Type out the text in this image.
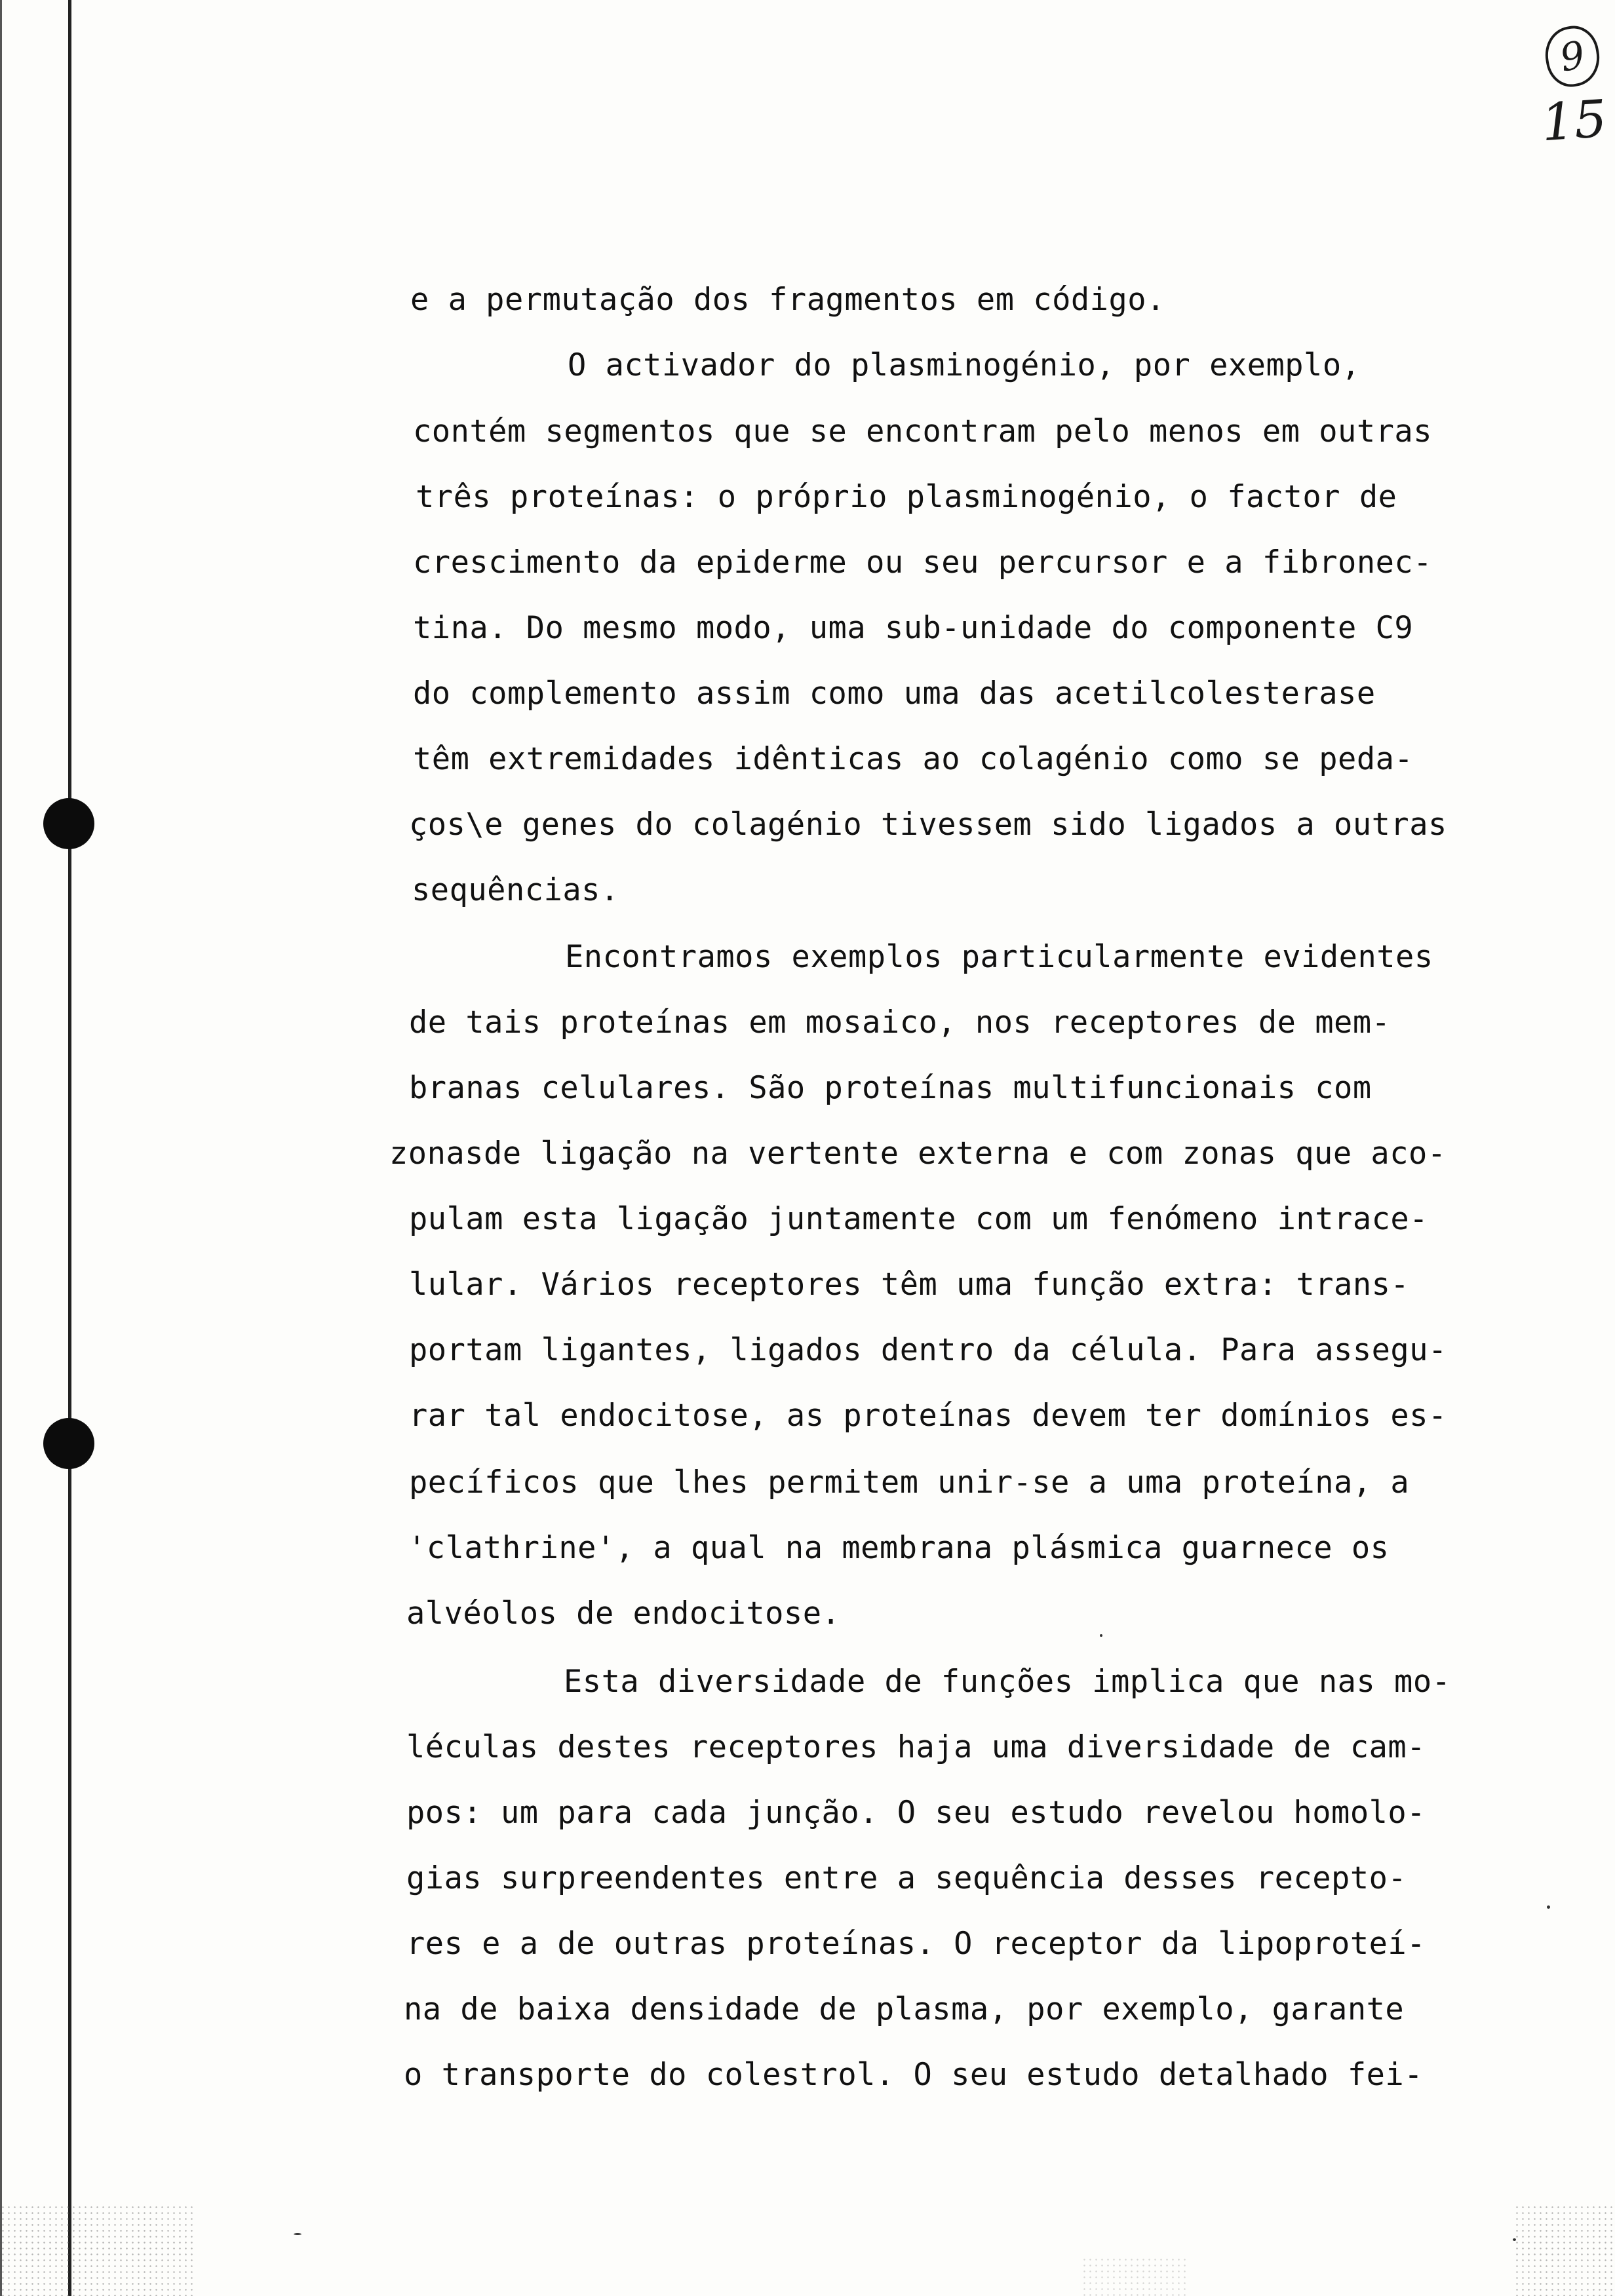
9
15
e a permutação dos fragmentos em código.
O activador do plasminogénio, por exemplo,
contém segmentos que se encontram pelo menos em outras
três proteínas: o próprio plasminogénio, o factor de
crescimento da epiderme ou seu percursor e a fibronec-
tina. Do mesmo modo, uma sub-unidade do componente C9
do complemento assim como uma das acetilcolesterase
têm extremidades idênticas ao colagénio como se peda-
ços\e genes do colagénio tivessem sido ligados a outras
sequências.
Encontramos exemplos particularmente evidentes
de tais proteínas em mosaico, nos receptores de mem-
branas celulares. São proteínas multifuncionais com
zonasde ligação na vertente externa e com zonas que aco-
pulam esta ligação juntamente com um fenómeno intrace-
lular. Vários receptores têm uma função extra: trans-
portam ligantes, ligados dentro da célula. Para assegu-
rar tal endocitose, as proteínas devem ter domínios es-
pecíficos que lhes permitem unir-se a uma proteína, a
'clathrine', a qual na membrana plásmica guarnece os
alvéolos de endocitose.
Esta diversidade de funções implica que nas mo-
léculas destes receptores haja uma diversidade de cam-
pos: um para cada junção. O seu estudo revelou homolo-
gias surpreendentes entre a sequência desses recepto-
res e a de outras proteínas. O receptor da lipoproteí-
na de baixa densidade de plasma, por exemplo, garante
o transporte do colestrol. O seu estudo detalhado fei-
